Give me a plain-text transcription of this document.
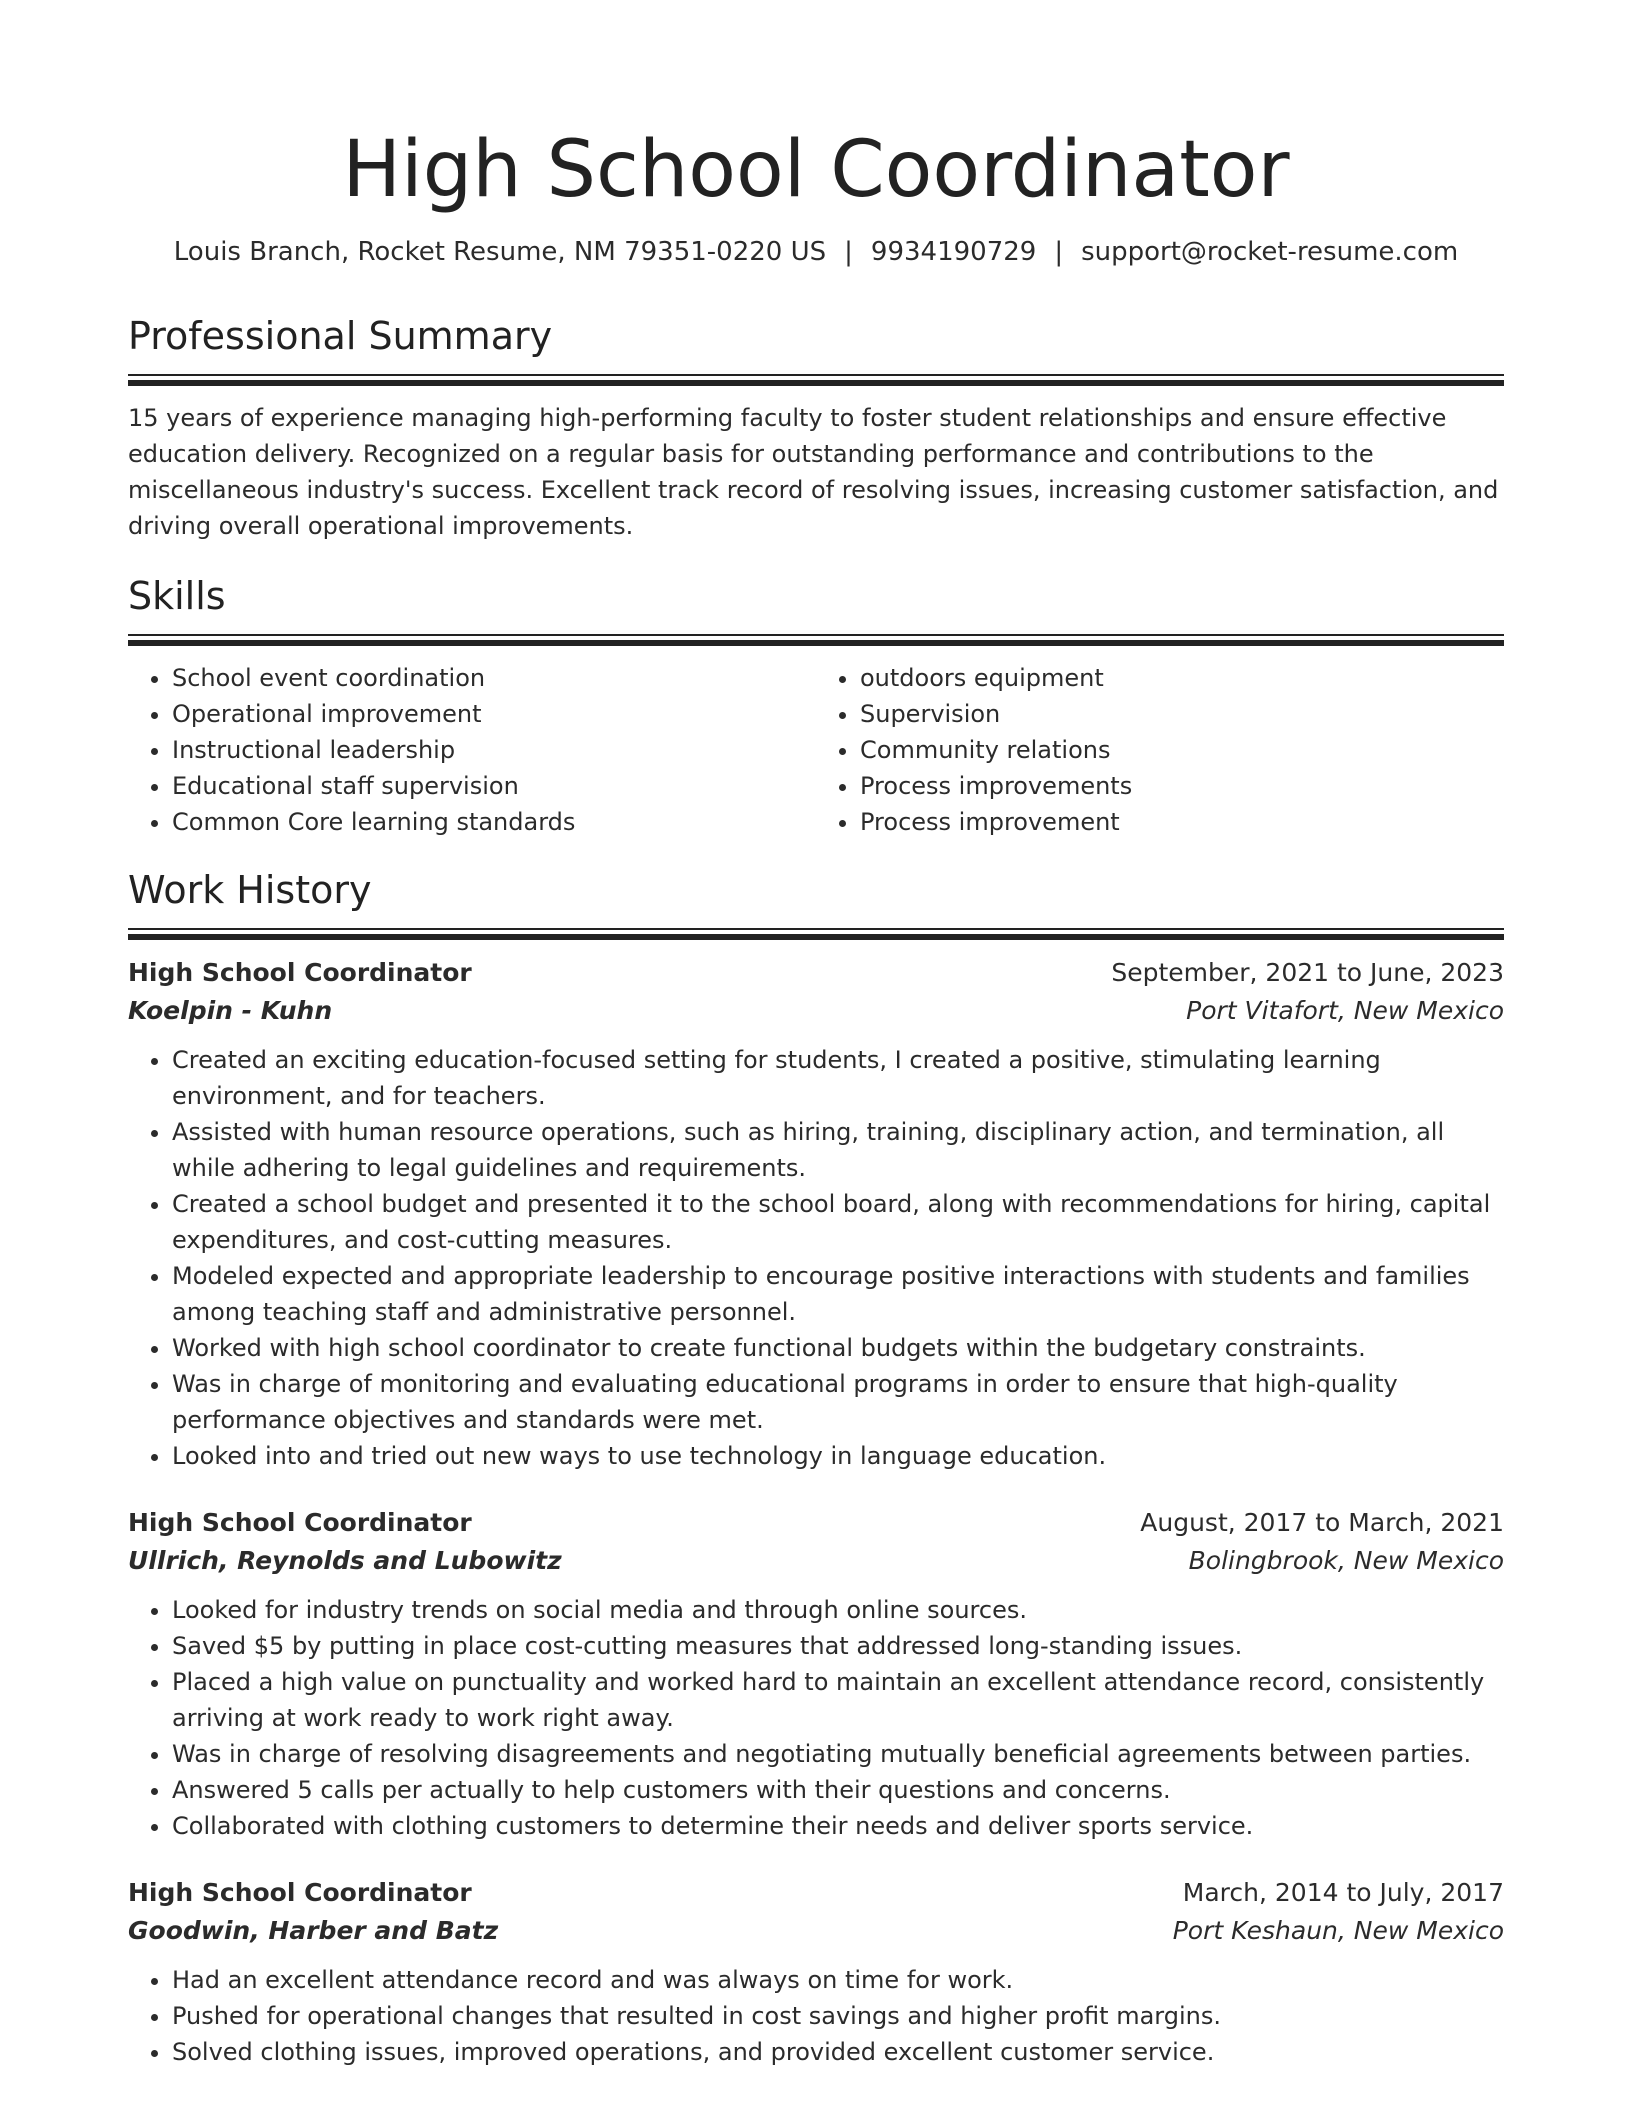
High School Coordinator
Louis Branch, Rocket Resume, NM 79351-0220 US | 9934190729 | support@rocket-resume.com
Professional Summary

15 years of experience managing high-performing faculty to foster student relationships and ensure effective education delivery. Recognized on a regular basis for outstanding performance and contributions to the miscellaneous industry's success. Excellent track record of resolving issues, increasing customer satisfaction, and driving overall operational improvements.

Skills
• School event coordination
• Operational improvement
• Instructional leadership
• Educational staff supervision
• Common Core learning standards
• outdoors equipment
• Supervision
• Community relations
• Process improvements
• Process improvement
Work History
High School Coordinator	September, 2021 to June, 2023
Koelpin - Kuhn	Port Vitafort, New Mexico
• Created an exciting education-focused setting for students, I created a positive, stimulating learning environment, and for teachers.
• Assisted with human resource operations, such as hiring, training, disciplinary action, and termination, all while adhering to legal guidelines and requirements.
• Created a school budget and presented it to the school board, along with recommendations for hiring, capital expenditures, and cost-cutting measures.
• Modeled expected and appropriate leadership to encourage positive interactions with students and families among teaching staff and administrative personnel.
• Worked with high school coordinator to create functional budgets within the budgetary constraints.
• Was in charge of monitoring and evaluating educational programs in order to ensure that high-quality performance objectives and standards were met.
• Looked into and tried out new ways to use technology in language education.
High School Coordinator	August, 2017 to March, 2021
Ullrich, Reynolds and Lubowitz	Bolingbrook, New Mexico
• Looked for industry trends on social media and through online sources.
• Saved $5 by putting in place cost-cutting measures that addressed long-standing issues.
• Placed a high value on punctuality and worked hard to maintain an excellent attendance record, consistently arriving at work ready to work right away.
• Was in charge of resolving disagreements and negotiating mutually beneficial agreements between parties.
• Answered 5 calls per actually to help customers with their questions and concerns.
• Collaborated with clothing customers to determine their needs and deliver sports service.
High School Coordinator	March, 2014 to July, 2017
Goodwin, Harber and Batz	Port Keshaun, New Mexico
• Had an excellent attendance record and was always on time for work.
• Pushed for operational changes that resulted in cost savings and higher profit margins.
• Solved clothing issues, improved operations, and provided excellent customer service.
